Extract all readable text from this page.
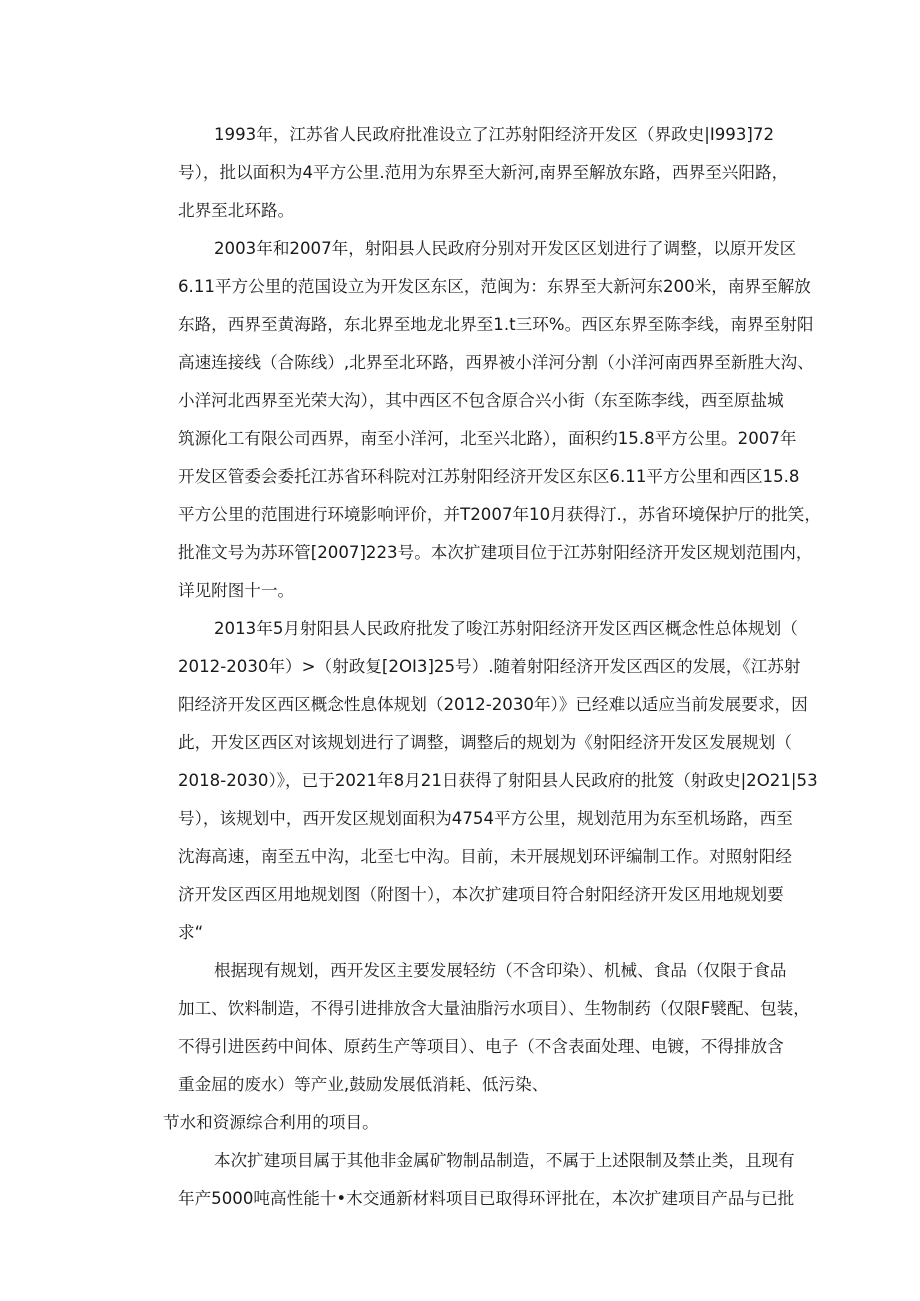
1993年，江苏省人民政府批准设立了江苏射阳经济开发区（界政史|I993]72
号），批以面积为4平方公里.范用为东界至大新河,南界至解放东路，西界至兴阳路，
北界至北环路。
2003年和2007年，射阳县人民政府分别对开发区区划进行了调整，以原开发区
6.11平方公里的范国设立为开发区东区，范闽为：东界至大新河东200米，南界至解放
东路，西界至黄海路，东北界至地龙北界至1.t三环%。西区东界至陈李线，南界至射阳
高速连接线（合陈线）,北界至北环路，西界被小洋河分割（小洋河南西界至新胜大沟、
小洋河北西界至光荣大沟），其中西区不包含原合兴小街（东至陈李线，西至原盐城
筑源化工有限公司西界，南至小洋河，北至兴北路），面积约15.8平方公里。2007年
开发区管委会委托江苏省环科院对江苏射阳经济开发区东区6.11平方公里和西区15.8
平方公里的范围进行环境影响评价，并T2007年10月获得汀.，苏省环境保护厅的批笑，
批准文号为苏环管[2007]223号。本次扩建项目位于江苏射阳经济开发区规划范围内，
详见附图十一。
2013年5月射阳县人民政府批发了唆江苏射阳经济开发区西区概念性总体规划（
2012-2030年）>（射政复[2OI3]25号）.随着射阳经济开发区西区的发展，《江苏射
阳经济开发区西区概念性息体规划（2012-2030年）》已经难以适应当前发展要求，因
此，开发区西区对该规划进行了调整，调整后的规划为《射阳经济开发区发展规划（
2018-2030）》，已于2021年8月21日获得了射阳县人民政府的批笈（射政史|2O21|53
号），该规划中，西开发区规划面积为4754平方公里，规划范用为东至机场路，西至
沈海高速，南至五中沟，北至七中沟。目前，未开展规划环评编制工作。对照射阳经
济开发区西区用地规划图（附图十），本次扩建项目符合射阳经济开发区用地规划要
求“
根据现有规划，西开发区主要发展轻纺（不含印染）、机械、食品（仅限于食品
加工、饮料制造，不得引进排放含大量油脂污水项目）、生物制药（仅限F襞配、包装，
不得引进医药中间体、原药生产等项目）、电子（不含表面处理、电镀，不得排放含
重金屈的废水）等产业,鼓励发展低消耗、低污染、
节水和资源综合利用的项目。
本次扩建项目属于其他非金属矿物制品制造，不属于上述限制及禁止类，且现有
年产5000吨高性能十•木交通新材料项目已取得环评批在，本次扩建项目产品与已批
